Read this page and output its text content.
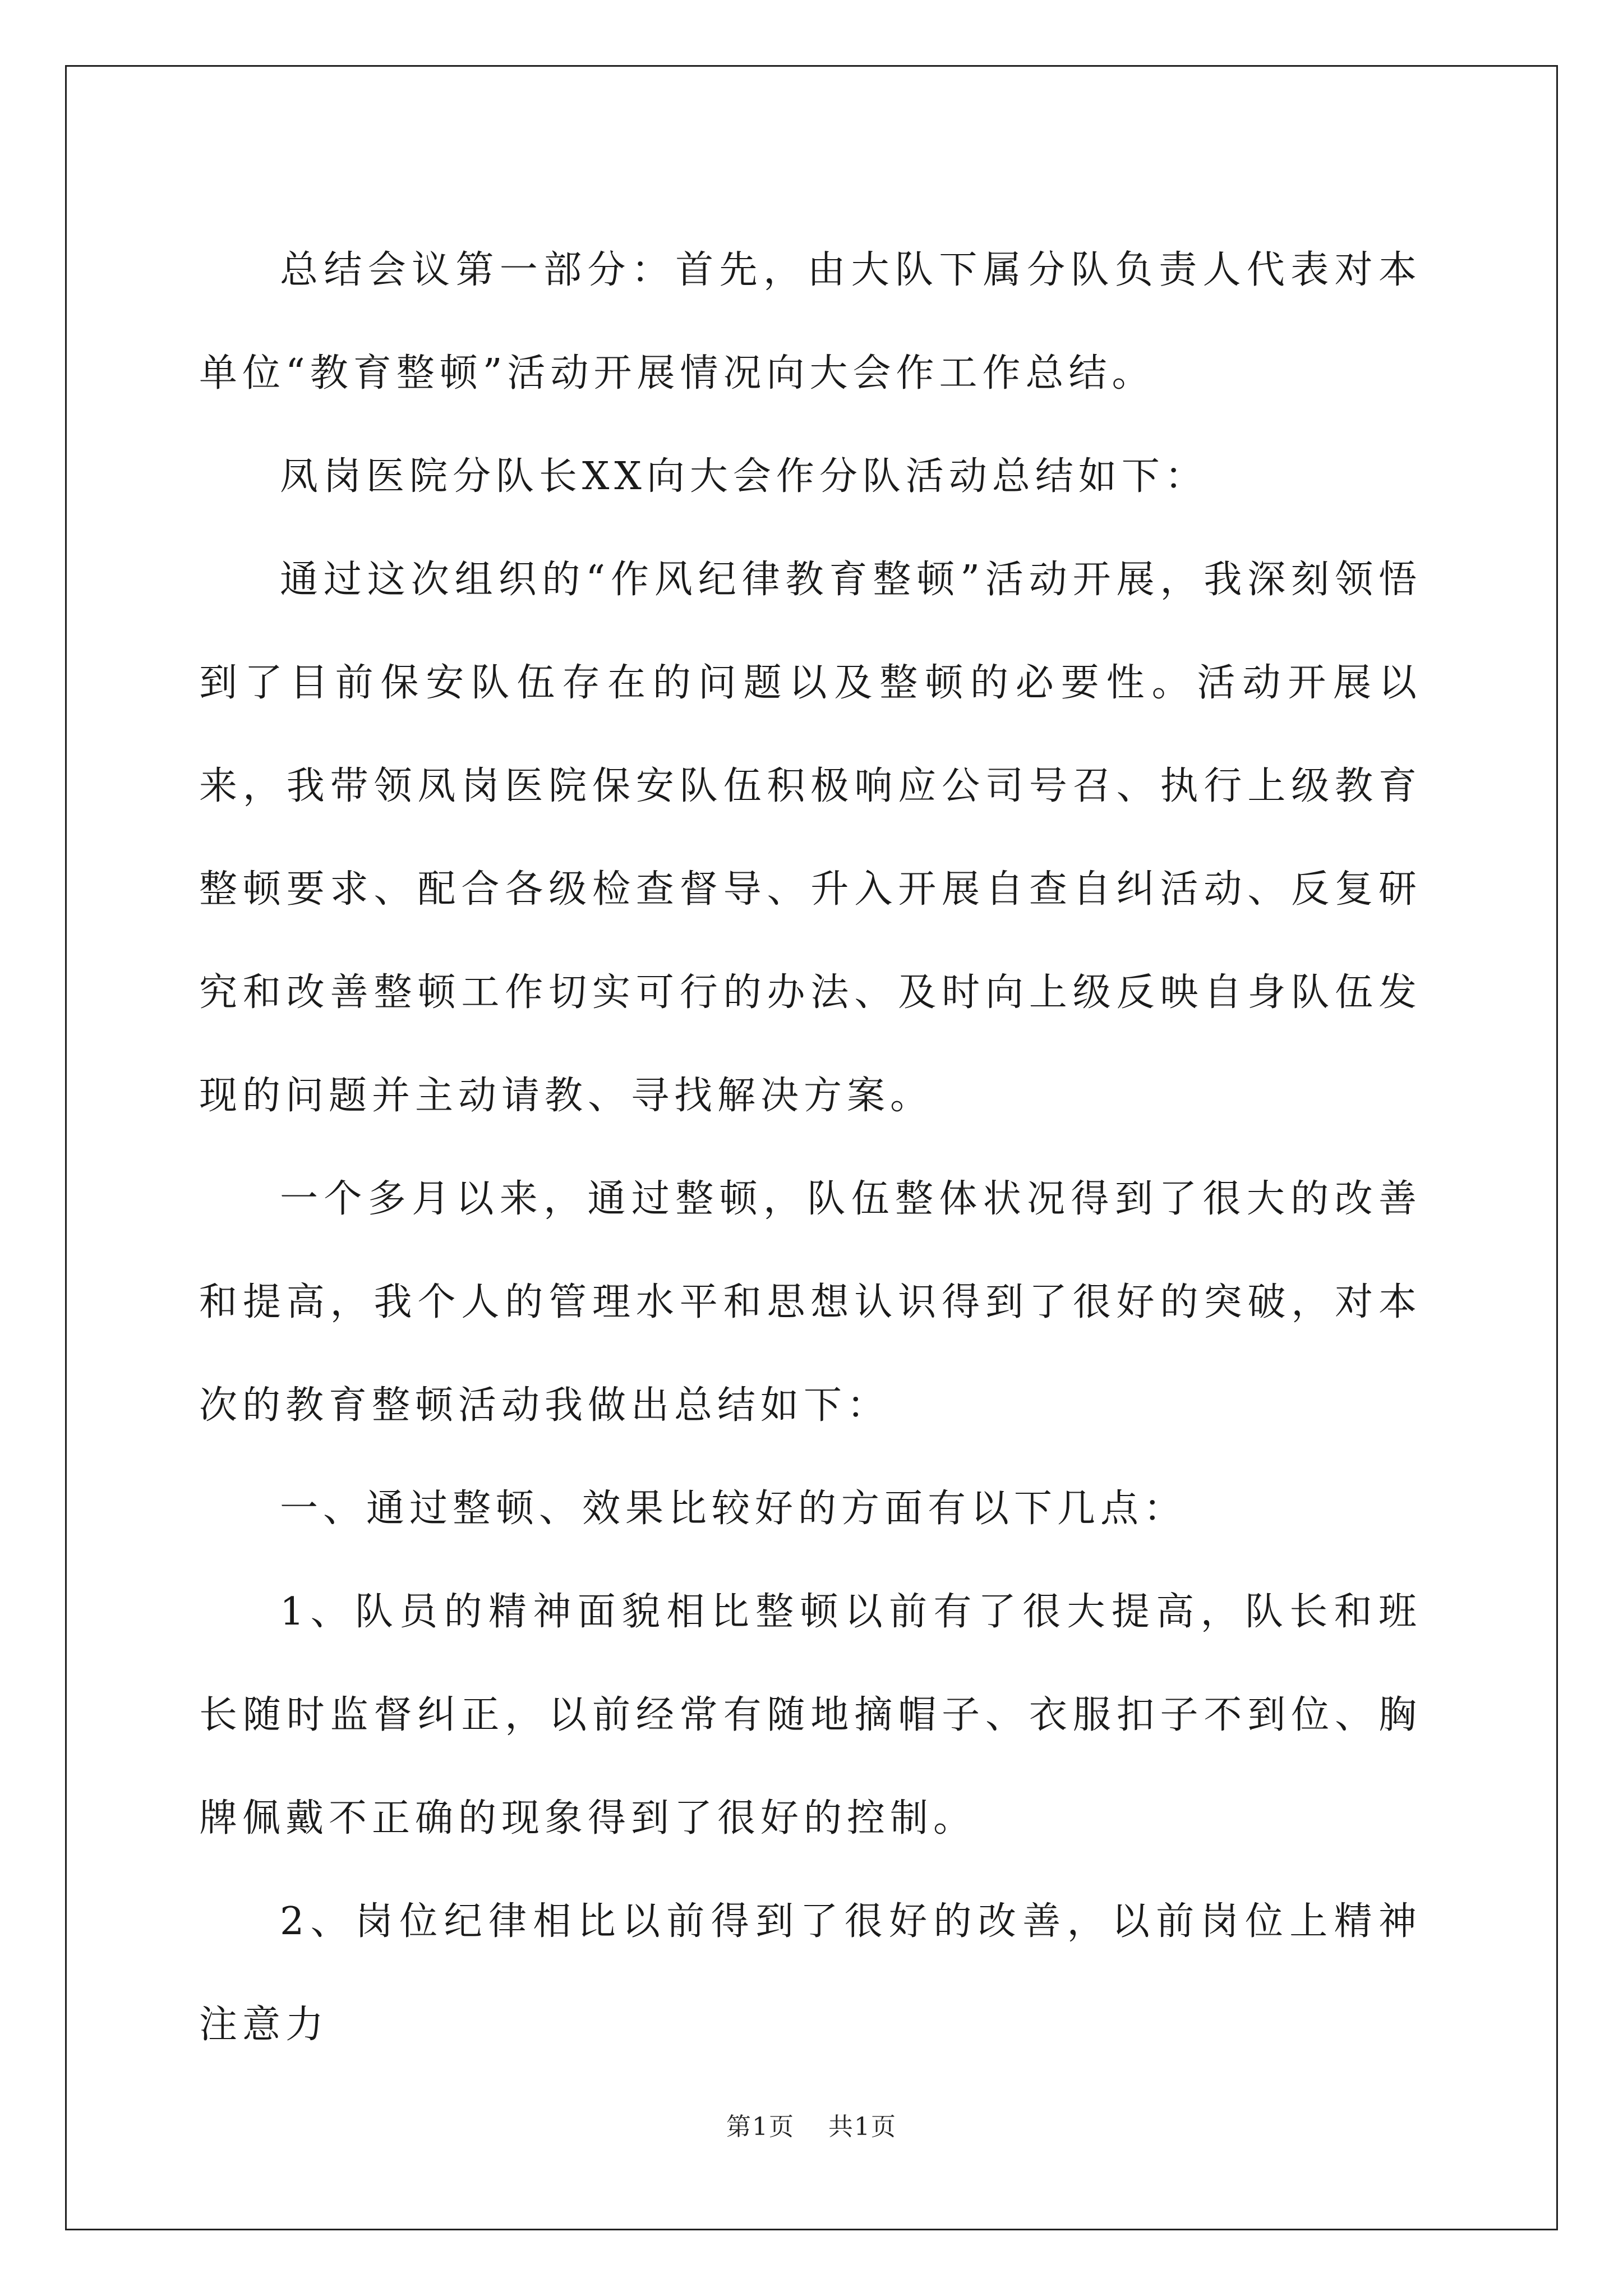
总结会议第一部分：首先，由大队下属分队负责人代表对本单位“教育整顿”活动开展情况向大会作工作总结。

凤岗医院分队长XX向大会作分队活动总结如下：

通过这次组织的“作风纪律教育整顿”活动开展，我深刻领悟到了目前保安队伍存在的问题以及整顿的必要性。活动开展以来，我带领凤岗医院保安队伍积极响应公司号召、执行上级教育整顿要求、配合各级检查督导、升入开展自查自纠活动、反复研究和改善整顿工作切实可行的办法、及时向上级反映自身队伍发现的问题并主动请教、寻找解决方案。

一个多月以来，通过整顿，队伍整体状况得到了很大的改善和提高，我个人的管理水平和思想认识得到了很好的突破，对本次的教育整顿活动我做出总结如下：

一、通过整顿、效果比较好的方面有以下几点：

1、队员的精神面貌相比整顿以前有了很大提高，队长和班长随时监督纠正，以前经常有随地摘帽子、衣服扣子不到位、胸牌佩戴不正确的现象得到了很好的控制。

2、岗位纪律相比以前得到了很好的改善，以前岗位上精神注意力

第1页 共1页
